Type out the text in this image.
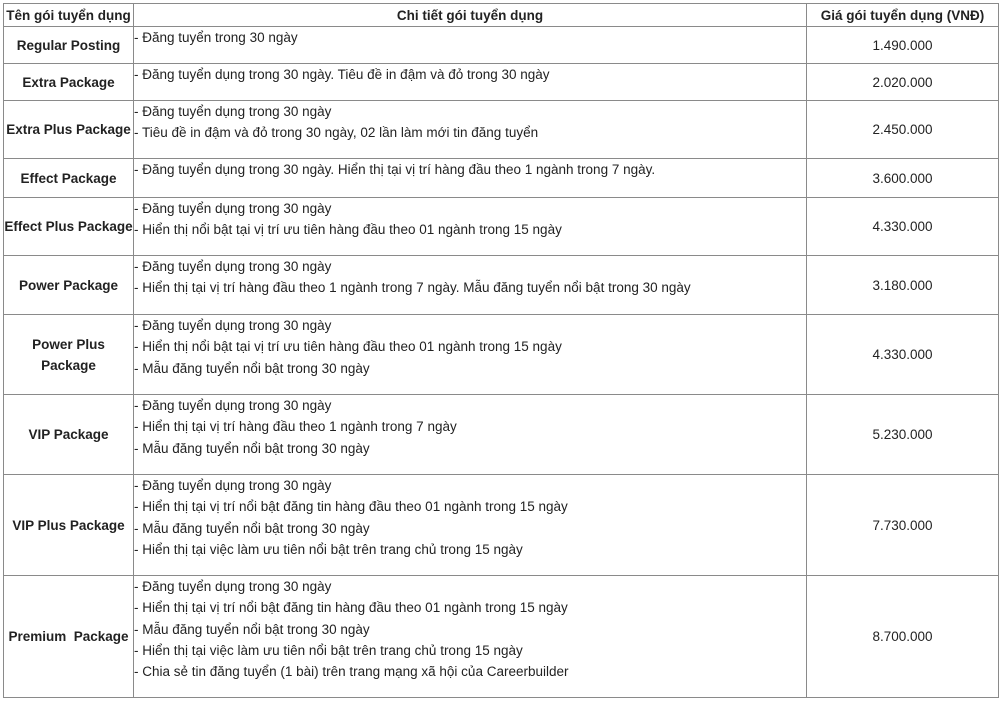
Tên gói tuyển dụng	Chi tiết gói tuyển dụng	Giá gói tuyển dụng (VNĐ)
Regular Posting	- Đăng tuyển trong 30 ngày	1.490.000
Extra Package	- Đăng tuyển dụng trong 30 ngày. Tiêu đề in đậm và đỏ trong 30 ngày	2.020.000
Extra Plus Package	- Đăng tuyển dụng trong 30 ngày
- Tiêu đề in đậm và đỏ trong 30 ngày, 02 lần làm mới tin đăng tuyển	2.450.000
Effect Package	- Đăng tuyển dụng trong 30 ngày. Hiển thị tại vị trí hàng đầu theo 1 ngành trong 7 ngày.	3.600.000
Effect Plus Package	- Đăng tuyển dụng trong 30 ngày
- Hiển thị nổi bật tại vị trí ưu tiên hàng đầu theo 01 ngành trong 15 ngày	4.330.000
Power Package	- Đăng tuyển dụng trong 30 ngày
- Hiển thị tại vị trí hàng đầu theo 1 ngành trong 7 ngày. Mẫu đăng tuyển nổi bật trong 30 ngày	3.180.000
Power Plus Package	- Đăng tuyển dụng trong 30 ngày
- Hiển thị nổi bật tại vị trí ưu tiên hàng đầu theo 01 ngành trong 15 ngày
- Mẫu đăng tuyển nổi bật trong 30 ngày	4.330.000
VIP Package	- Đăng tuyển dụng trong 30 ngày
- Hiển thị tại vị trí hàng đầu theo 1 ngành trong 7 ngày
- Mẫu đăng tuyển nổi bật trong 30 ngày	5.230.000
VIP Plus Package	- Đăng tuyển dụng trong 30 ngày
- Hiển thị tại vị trí nổi bật đăng tin hàng đầu theo 01 ngành trong 15 ngày
- Mẫu đăng tuyển nổi bật trong 30 ngày
- Hiển thị tại việc làm ưu tiên nổi bật trên trang chủ trong 15 ngày	7.730.000
Premium  Package	- Đăng tuyển dụng trong 30 ngày
- Hiển thị tại vị trí nổi bật đăng tin hàng đầu theo 01 ngành trong 15 ngày
- Mẫu đăng tuyển nổi bật trong 30 ngày
- Hiển thị tại việc làm ưu tiên nổi bật trên trang chủ trong 15 ngày
- Chia sẻ tin đăng tuyển (1 bài) trên trang mạng xã hội của Careerbuilder	8.700.000
